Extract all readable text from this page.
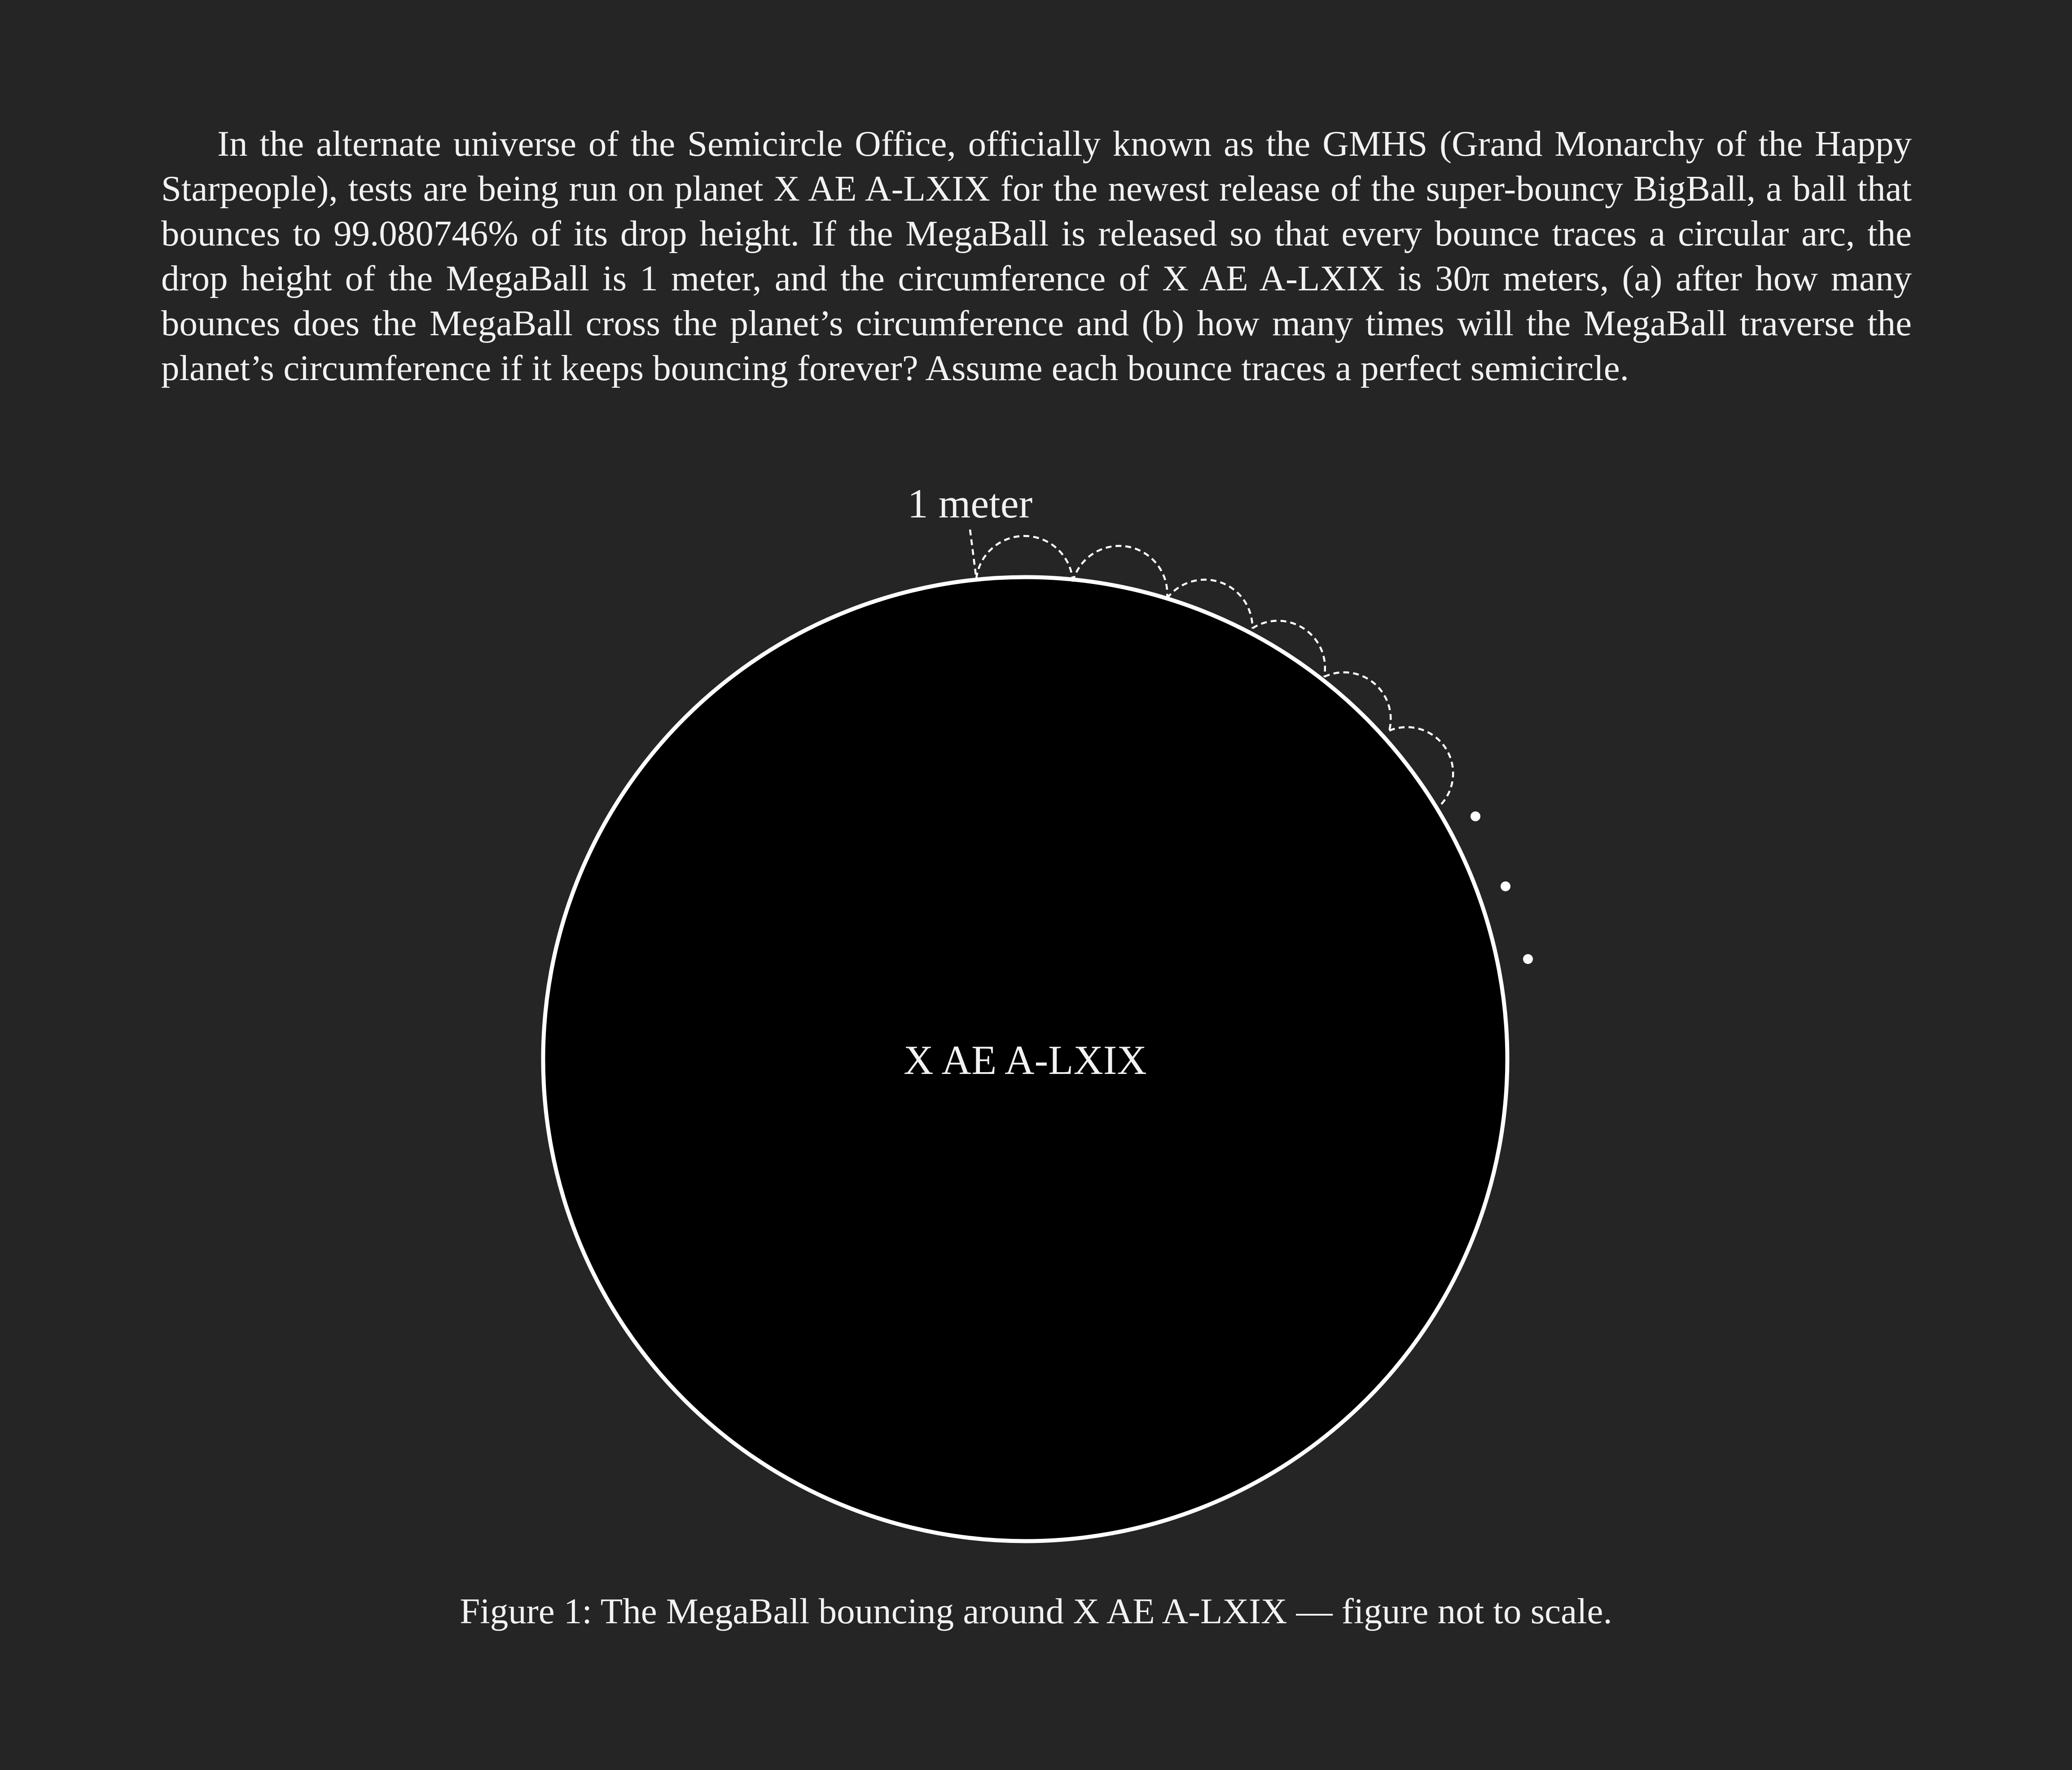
In the alternate universe of the Semicircle Office, officially known as the GMHS (Grand Monarchy of the Happy Starpeople), tests are being run on planet X AE A-LXIX for the newest release of the super-bouncy BigBall, a ball that bounces to 99.080746% of its drop height. If the MegaBall is released so that every bounce traces a circular arc, the drop height of the MegaBall is 1 meter, and the circumference of X AE A-LXIX is 30π meters, (a) after how many bounces does the MegaBall cross the planet’s circumference and (b) how many times will the MegaBall traverse the planet’s circumference if it keeps bouncing forever? Assume each bounce traces a perfect semicircle.

1 meter
X AE A-LXIX
Figure 1: The MegaBall bouncing around X AE A-LXIX — figure not to scale.
